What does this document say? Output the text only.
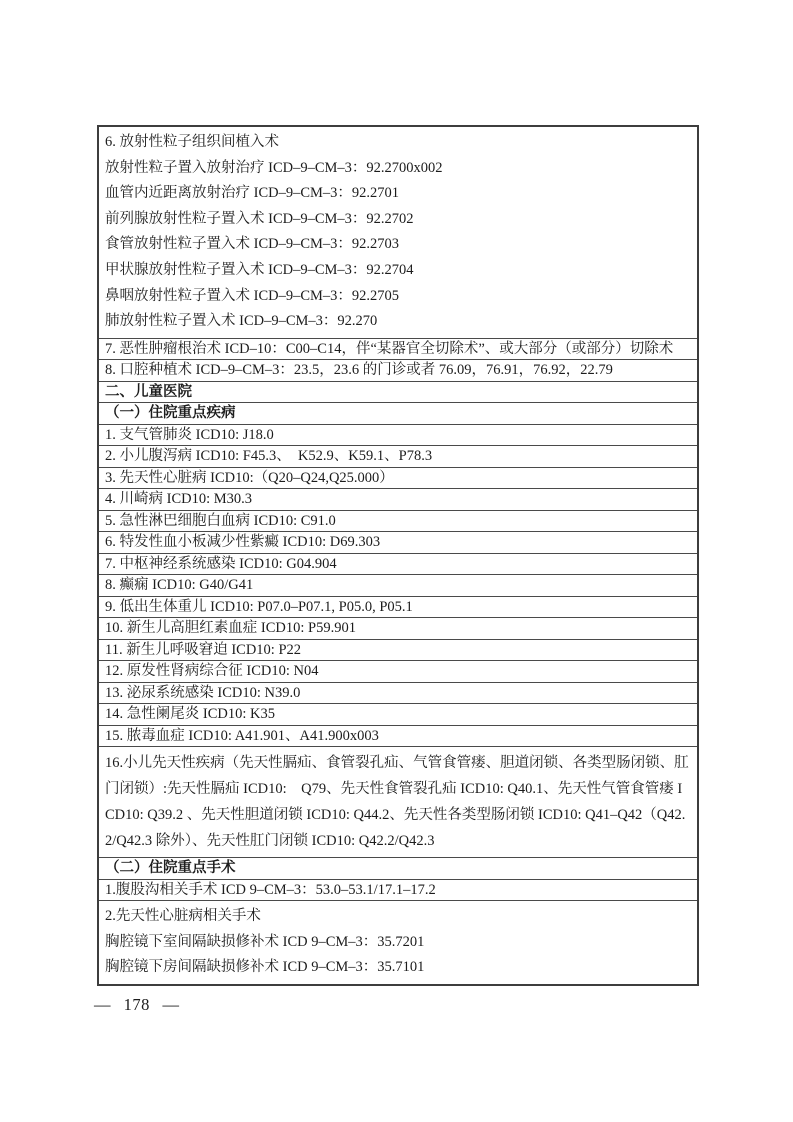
6. 放射性粒子组织间植入术
放射性粒子置入放射治疗 ICD–9–CM–3：92.2700x002
血管内近距离放射治疗 ICD–9–CM–3：92.2701
前列腺放射性粒子置入术 ICD–9–CM–3：92.2702
食管放射性粒子置入术 ICD–9–CM–3：92.2703
甲状腺放射性粒子置入术 ICD–9–CM–3：92.2704
鼻咽放射性粒子置入术 ICD–9–CM–3：92.2705
肺放射性粒子置入术 ICD–9–CM–3：92.270
7. 恶性肿瘤根治术 ICD–10：C00–C14，伴“某器官全切除术”、或大部分（或部分）切除术
8. 口腔种植术 ICD–9–CM–3：23.5，23.6 的门诊或者 76.09，76.91，76.92，22.79
二、儿童医院
（一）住院重点疾病
1. 支气管肺炎 ICD10: J18.0
2. 小儿腹泻病 ICD10: F45.3、  K52.9、K59.1、P78.3
3. 先天性心脏病 ICD10:（Q20–Q24,Q25.000）
4. 川崎病 ICD10: M30.3
5. 急性淋巴细胞白血病 ICD10: C91.0
6. 特发性血小板减少性紫癜 ICD10: D69.303
7. 中枢神经系统感染 ICD10: G04.904
8. 癫痫 ICD10: G40/G41
9. 低出生体重儿 ICD10: P07.0–P07.1, P05.0, P05.1
10. 新生儿高胆红素血症 ICD10: P59.901
11. 新生儿呼吸窘迫 ICD10: P22
12. 原发性肾病综合征 ICD10: N04
13. 泌尿系统感染 ICD10: N39.0
14. 急性阑尾炎 ICD10: K35
15. 脓毒血症 ICD10: A41.901、A41.900x003
16.小儿先天性疾病（先天性膈疝、食管裂孔疝、气管食管瘘、胆道闭锁、各类型肠闭锁、肛门闭锁）:先天性膈疝 ICD10:    Q79、先天性食管裂孔疝 ICD10: Q40.1、先天性气管食管瘘 ICD10: Q39.2 、先天性胆道闭锁 ICD10: Q44.2、先天性各类型肠闭锁 ICD10: Q41–Q42（Q42.2/Q42.3 除外）、先天性肛门闭锁 ICD10: Q42.2/Q42.3
（二）住院重点手术
1.腹股沟相关手术 ICD 9–CM–3：53.0–53.1/17.1–17.2
2.先天性心脏病相关手术
胸腔镜下室间隔缺损修补术 ICD 9–CM–3：35.7201
胸腔镜下房间隔缺损修补术 ICD 9–CM–3：35.7101
— 178 —
